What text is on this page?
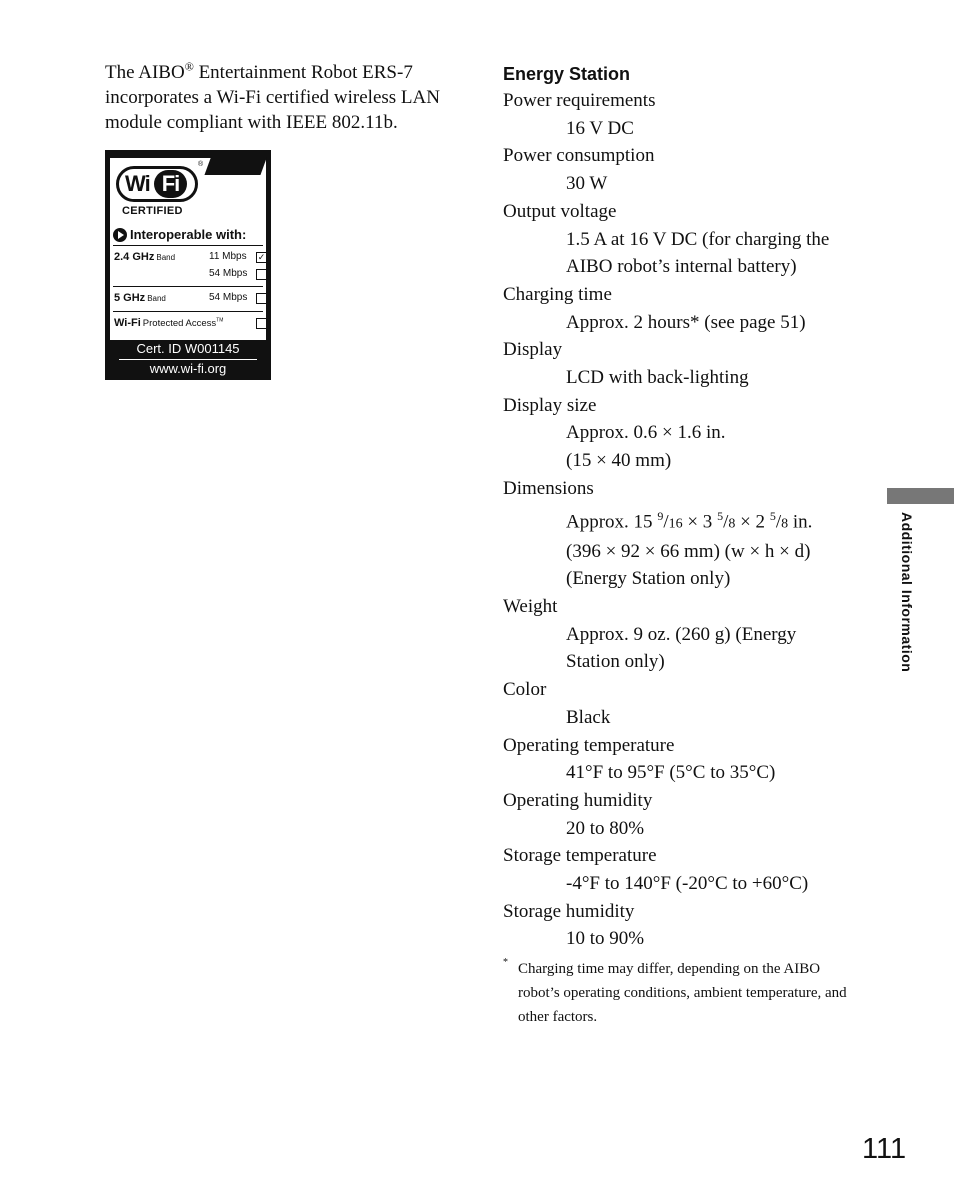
The AIBO® Entertainment Robot ERS-7 incorporates a Wi-Fi certified wireless LAN module compliant with IEEE 802.11b.
Wi Fi
®
CERTIFIED
Interoperable with:
2.4 GHz Band	11 Mbps ✓
54 Mbps
5 GHz Band	54 Mbps
Wi-Fi Protected Access™
Cert. ID W001145
www.wi-fi.org
Energy Station
Power requirements
16 V DC
Power consumption
30 W
Output voltage
1.5 A at 16 V DC (for charging the
AIBO robot’s internal battery)
Charging time
Approx. 2 hours* (see page 51)
Display
LCD with back-lighting
Display size
Approx. 0.6 × 1.6 in.
(15 × 40 mm)
Dimensions
Approx. 15 $^9$/16 × 3 $^5$/8 × 2 $^5$/8 in.
(396 × 92 × 66 mm) (w × h × d)
(Energy Station only)
Weight
Approx. 9 oz. (260 g) (Energy
Station only)
Color
Black
Operating temperature
41°F to 95°F (5°C to 35°C)
Operating humidity
20 to 80%
Storage temperature
-4°F to 140°F (-20°C to +60°C)
Storage humidity
10 to 90%
* Charging time may differ, depending on the AIBO robot’s operating conditions, ambient temperature, and other factors.
Additional Information
111
